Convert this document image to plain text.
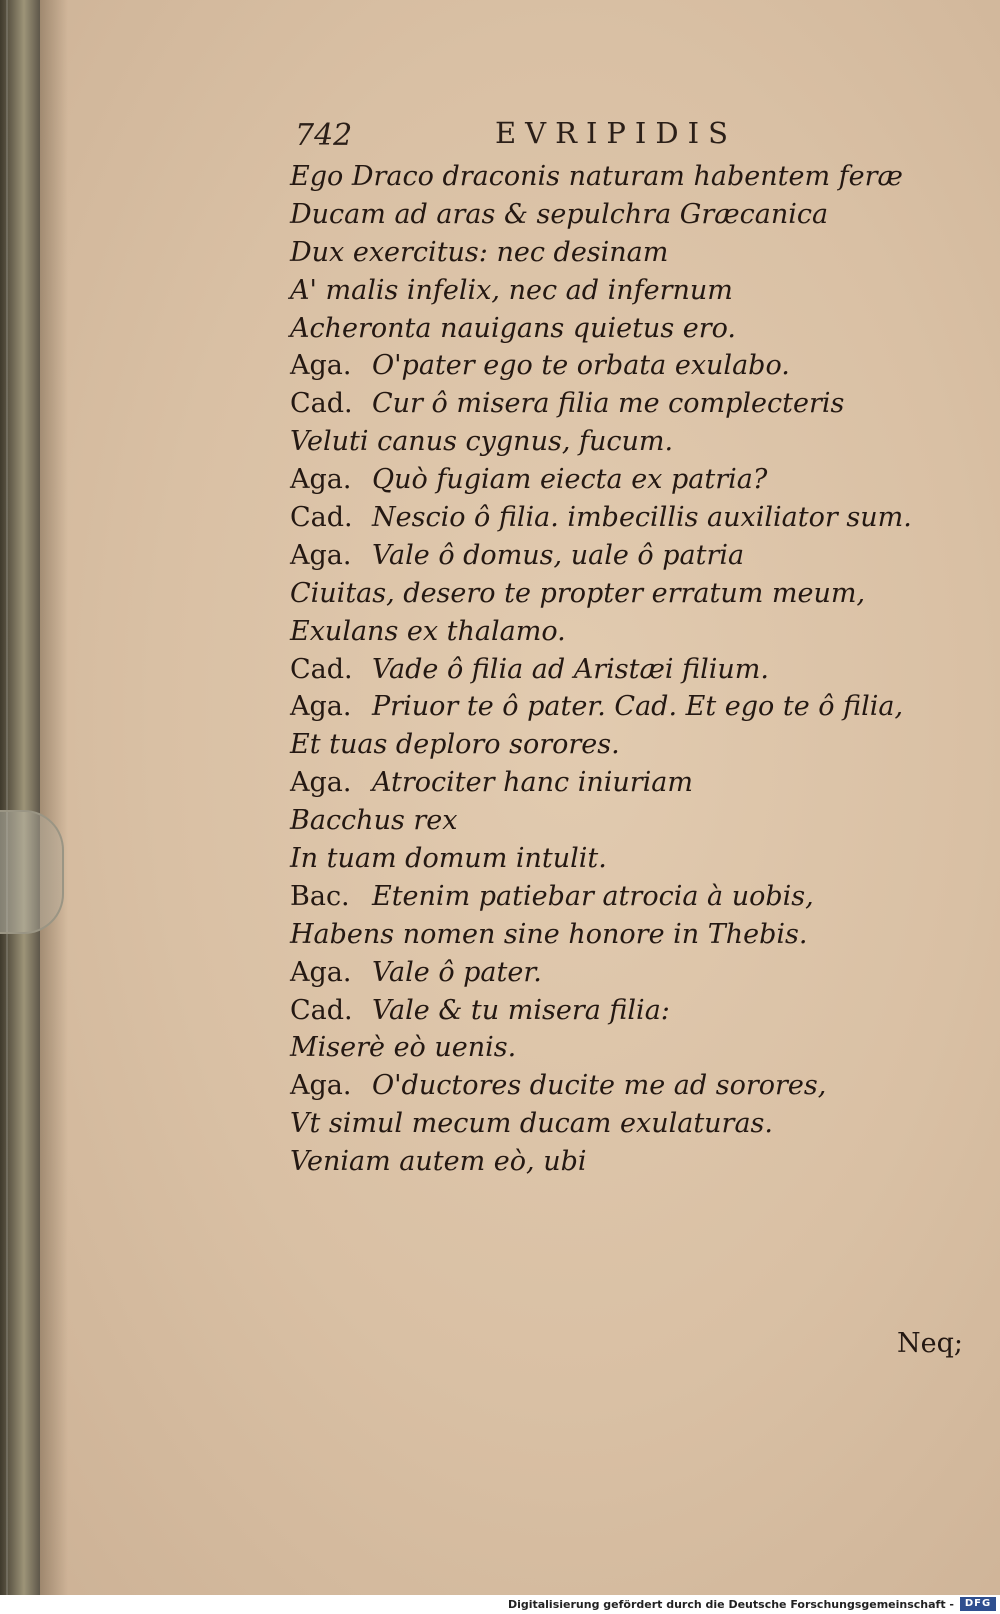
742	EVRIPIDIS
Ego Draco draconis naturam habentem feræ
Ducam ad aras & sepulchra Græcanica
Dux exercitus: nec desinam
A' malis infelix, nec ad infernum
Acheronta nauigans quietus ero.
Aga. O'pater ego te orbata exulabo.
Cad. Cur ô misera filia me complecteris
Veluti canus cygnus, fucum.
Aga. Quò fugiam eiecta ex patria?
Cad. Nescio ô filia. imbecillis auxiliator sum.
Aga. Vale ô domus, uale ô patria
Ciuitas, desero te propter erratum meum,
Exulans ex thalamo.
Cad. Vade ô filia ad Aristæi filium.
Aga. Priuor te ô pater. Cad. Et ego te ô filia,
Et tuas deploro sorores.
Aga. Atrociter hanc iniuriam
Bacchus rex
In tuam domum intulit.
Bac. Etenim patiebar atrocia à uobis,
Habens nomen sine honore in Thebis.
Aga. Vale ô pater.
Cad. Vale & tu misera filia:
Miserè eò uenis.
Aga. O'ductores ducite me ad sorores,
Vt simul mecum ducam exulaturas.
Veniam autem eò, ubi
Neq;
Digitalisierung gefördert durch die Deutsche Forschungsgemeinschaft -	DFG
